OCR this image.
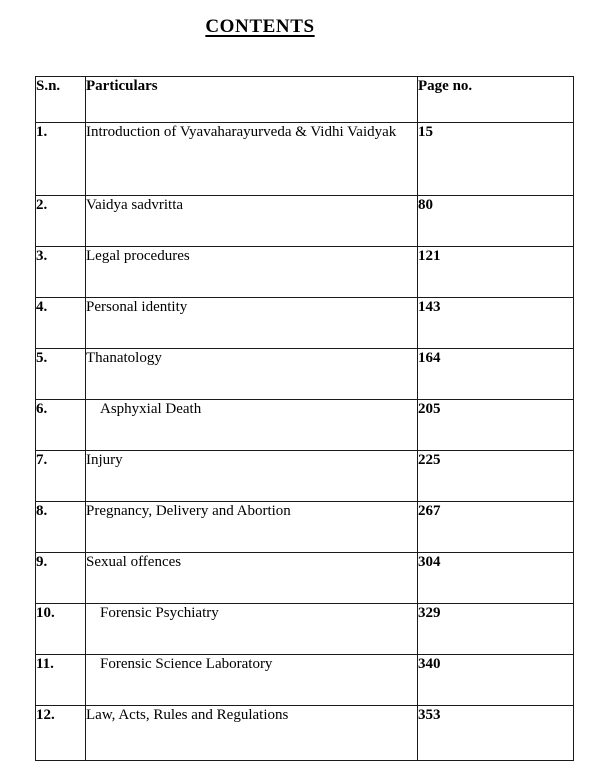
CONTENTS
S.n.	Particulars	Page no.
1.	Introduction of Vyavaharayurveda & Vidhi Vaidyak	15
2.	Vaidya sadvritta	80
3.	Legal procedures	121
4.	Personal identity	143
5.	Thanatology	164
6.	Asphyxial Death	205
7.	Injury	225
8.	Pregnancy, Delivery and Abortion	267
9.	Sexual offences	304
10.	Forensic Psychiatry	329
11.	Forensic Science Laboratory	340
12.	Law, Acts, Rules and Regulations	353
